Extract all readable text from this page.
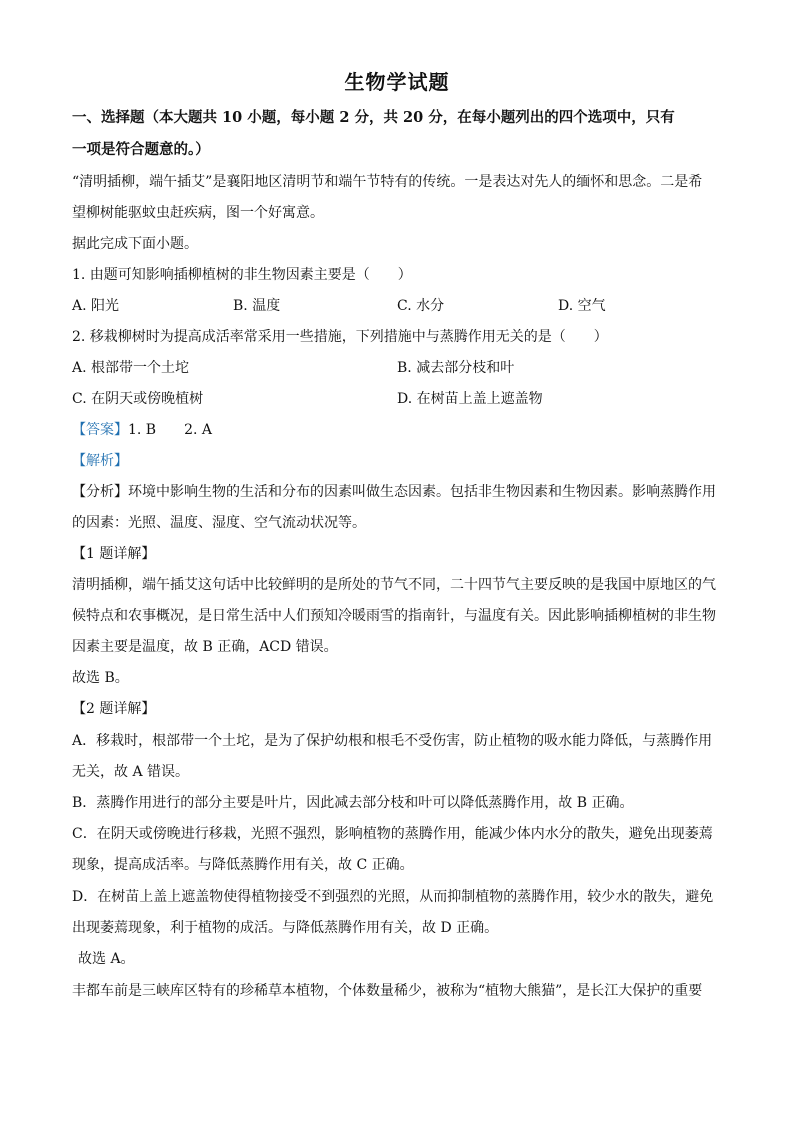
生物学试题
一、选择题（本大题共 10 小题，每小题 2 分，共 20 分，在每小题列出的四个选项中，只有
一项是符合题意的。）
“清明插柳，端午插艾”是襄阳地区清明节和端午节特有的传统。一是表达对先人的缅怀和思念。二是希
望柳树能驱蚊虫赶疾病，图一个好寓意。
据此完成下面小题。
1. 由题可知影响插柳植树的非生物因素主要是（　　）
A. 阳光	B. 温度	C. 水分	D. 空气
2. 移栽柳树时为提高成活率常采用一些措施，下列措施中与蒸腾作用无关的是（　　）
A. 根部带一个土坨	B. 减去部分枝和叶
C. 在阴天或傍晚植树	D. 在树苗上盖上遮盖物
【答案】1. B　　2. A
【解析】
【分析】环境中影响生物的生活和分布的因素叫做生态因素。包括非生物因素和生物因素。影响蒸腾作用
的因素：光照、温度、湿度、空气流动状况等。
【1 题详解】
清明插柳，端午插艾这句话中比较鲜明的是所处的节气不同，二十四节气主要反映的是我国中原地区的气
候特点和农事概况，是日常生活中人们预知冷暖雨雪的指南针，与温度有关。因此影响插柳植树的非生物
因素主要是温度，故 B 正确，ACD 错误。
故选 B。
【2 题详解】
A．移栽时，根部带一个土坨，是为了保护幼根和根毛不受伤害，防止植物的吸水能力降低，与蒸腾作用
无关，故 A 错误。
B．蒸腾作用进行的部分主要是叶片，因此减去部分枝和叶可以降低蒸腾作用，故 B 正确。
C．在阴天或傍晚进行移栽，光照不强烈，影响植物的蒸腾作用，能减少体内水分的散失，避免出现萎蔫
现象，提高成活率。与降低蒸腾作用有关，故 C 正确。
D．在树苗上盖上遮盖物使得植物接受不到强烈的光照，从而抑制植物的蒸腾作用，较少水的散失，避免
出现萎蔫现象，利于植物的成活。与降低蒸腾作用有关，故 D 正确。
故选 A。
丰都车前是三峡库区特有的珍稀草本植物，个体数量稀少，被称为“植物大熊猫”，是长江大保护的重要
